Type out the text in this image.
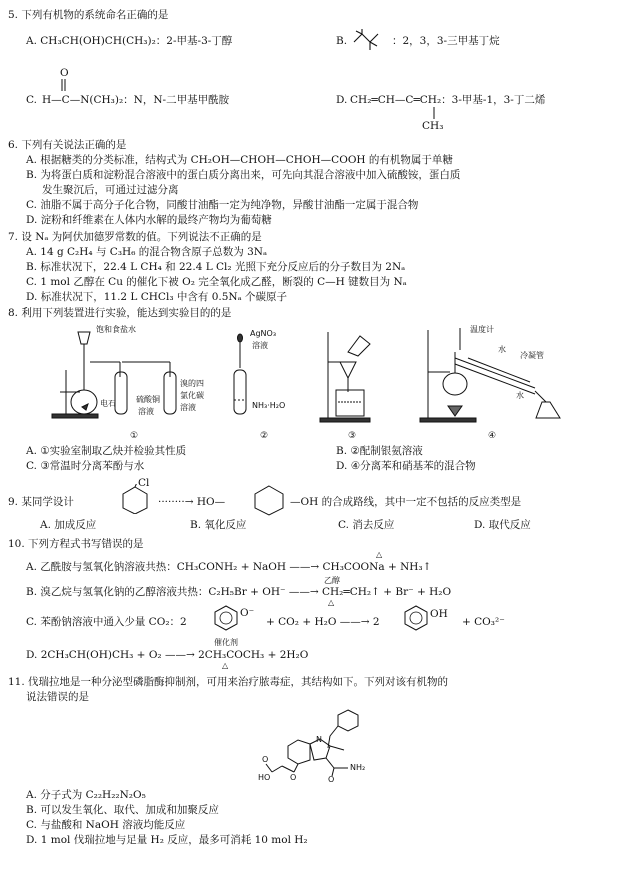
5. 下列有机物的系统命名正确的是
A. CH₃CH(OH)CH(CH₃)₂：2-甲基-3-丁醇	B.	：2，3，3-三甲基丁烷
O
C. H—C—N(CH₃)₂：N，N-二甲基甲酰胺	D. CH₂═CH—C═CH₂：3-甲基-1，3-丁二烯
CH₃
6. 下列有关说法正确的是
A. 根据糖类的分类标准，结构式为 CH₂OH—CHOH—CHOH—COOH 的有机物属于单糖
B. 为将蛋白质和淀粉混合溶液中的蛋白质分离出来，可先向其混合溶液中加入硫酸铵，蛋白质
发生聚沉后，可通过过滤分离
C. 油脂不属于高分子化合物，同酸甘油酯一定为纯净物，异酸甘油酯一定属于混合物
D. 淀粉和纤维素在人体内水解的最终产物均为葡萄糖
7. 设 Nₐ 为阿伏加德罗常数的值。下列说法不正确的是
A. 14 g C₂H₄ 与 C₃H₆ 的混合物含原子总数为 3Nₐ
B. 标准状况下，22.4 L CH₄ 和 22.4 L Cl₂ 光照下充分反应后的分子数目为 2Nₐ
C. 1 mol 乙醇在 Cu 的催化下被 O₂ 完全氧化成乙醛，断裂的 C—H 键数目为 Nₐ
D. 标准状况下，11.2 L CHCl₃ 中含有 0.5Nₐ 个碳原子
8. 利用下列装置进行实验，能达到实验目的的是
饱和食盐水
电石	硫酸铜
溶液
溴的四
氯化碳
溶液
①
AgNO₃
溶液
NH₃·H₂O
②	③
温度计
冷凝管
水
水
④
A. ①实验室制取乙炔并检验其性质	B. ②配制银氨溶液
C. ③常温时分离苯酚与水	D. ④分离苯和硝基苯的混合物
Cl
9. 某同学设计	········→ HO—	—OH 的合成路线，其中一定不包括的反应类型是
A. 加成反应	B. 氧化反应	C. 消去反应	D. 取代反应
10. 下列方程式书写错误的是
△
A. 乙酰胺与氢氧化钠溶液共热：CH₃CONH₂ + NaOH ——→ CH₃COONa + NH₃↑
乙醇
B. 溴乙烷与氢氧化钠的乙醇溶液共热：C₂H₅Br + OH⁻ ——→ CH₂═CH₂↑ + Br⁻ + H₂O
△
C. 苯酚钠溶液中通入少量 CO₂：2
O⁻
+ CO₂ + H₂O ——→ 2
OH
+ CO₃²⁻
催化剂
D. 2CH₃CH(OH)CH₃ + O₂ ——→ 2CH₃COCH₃ + 2H₂O
△
11. 伐瑞拉地是一种分泌型磷脂酶抑制剂，可用来治疗脓毒症，其结构如下。下列对该有机物的
说法错误的是
HO
O
O	O
N
NH₂
A. 分子式为 C₂₂H₂₂N₂O₅
B. 可以发生氧化、取代、加成和加聚反应
C. 与盐酸和 NaOH 溶液均能反应
D. 1 mol 伐瑞拉地与足量 H₂ 反应，最多可消耗 10 mol H₂
